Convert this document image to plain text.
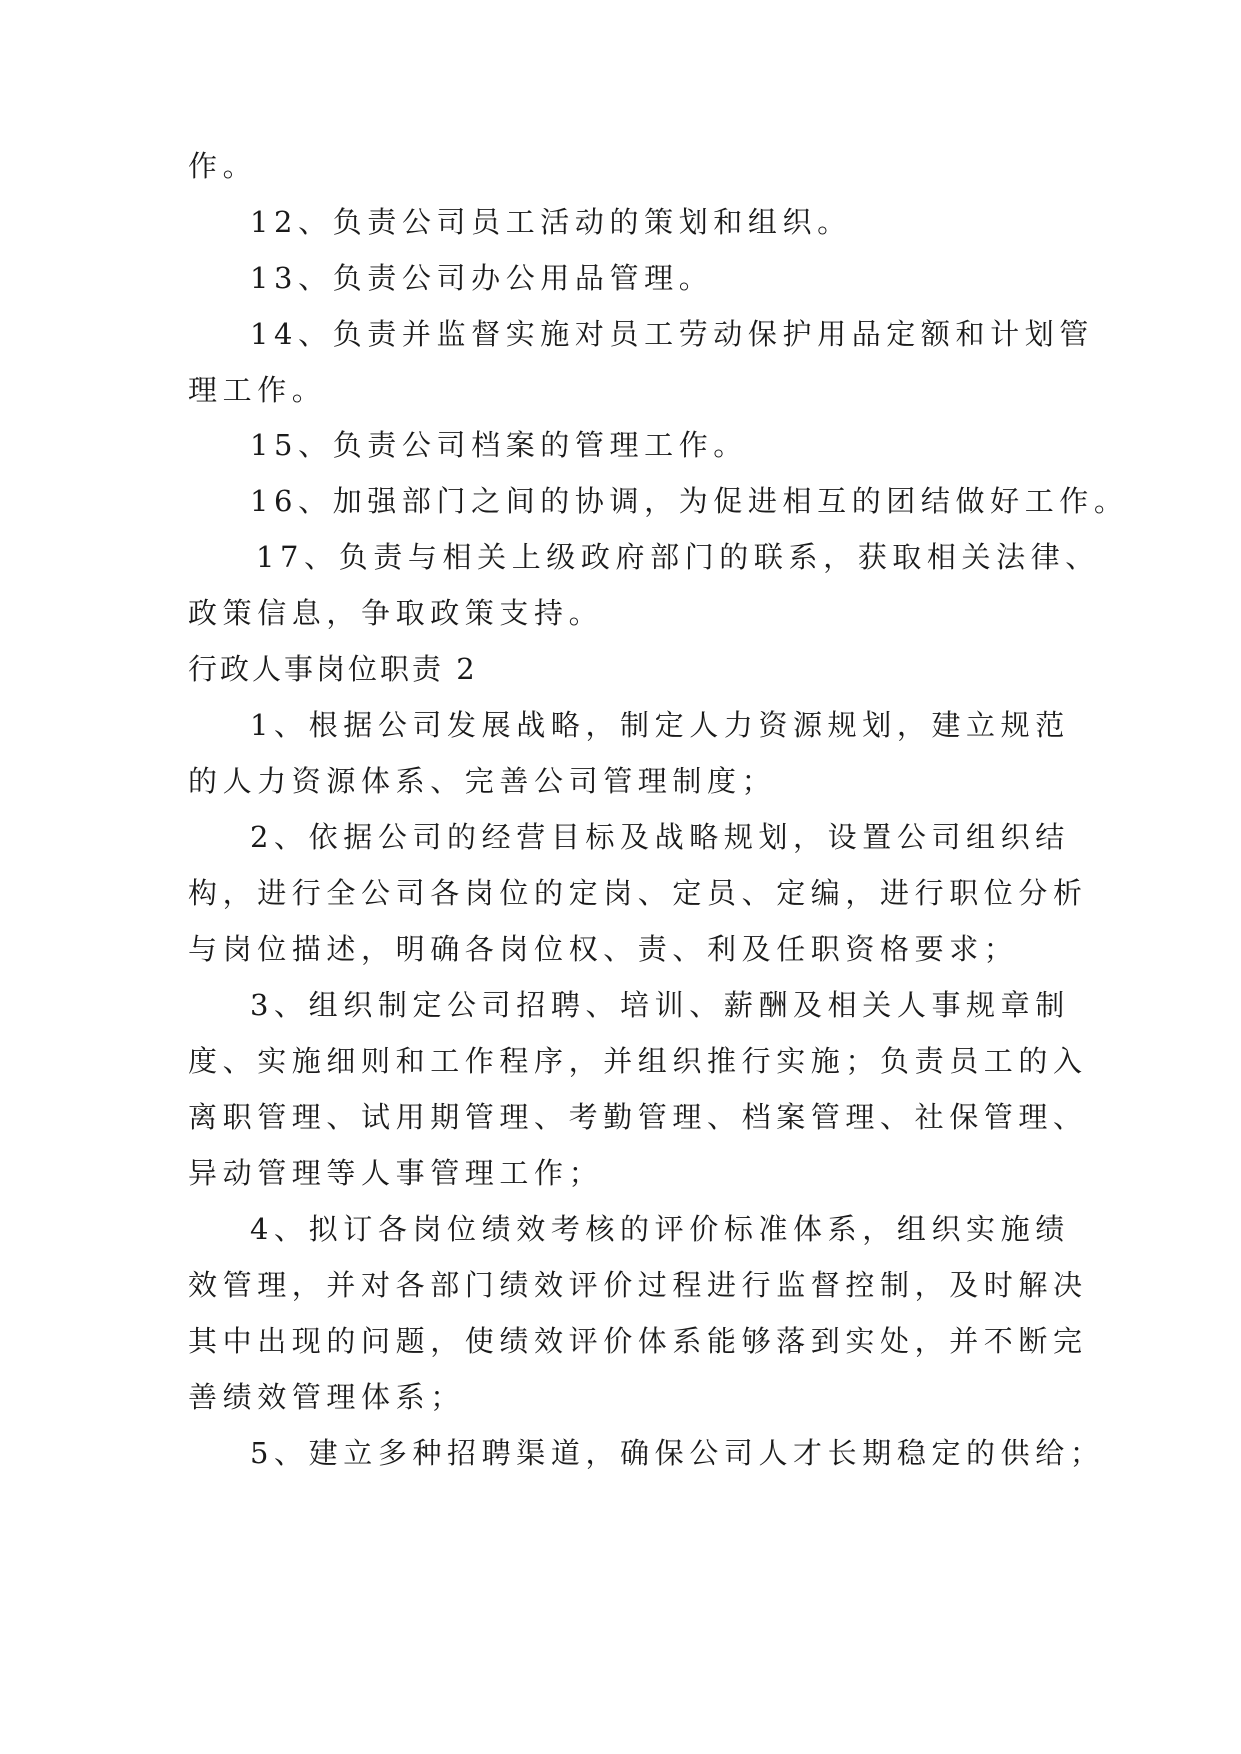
作。
12、负责公司员工活动的策划和组织。
13、负责公司办公用品管理。
14、负责并监督实施对员工劳动保护用品定额和计划管
理工作。
15、负责公司档案的管理工作。
16、加强部门之间的协调，为促进相互的团结做好工作。
17、负责与相关上级政府部门的联系，获取相关法律、
政策信息，争取政策支持。
行政人事岗位职责 2
1、根据公司发展战略，制定人力资源规划，建立规范
的人力资源体系、完善公司管理制度；
2、依据公司的经营目标及战略规划，设置公司组织结
构，进行全公司各岗位的定岗、定员、定编，进行职位分析
与岗位描述，明确各岗位权、责、利及任职资格要求；
3、组织制定公司招聘、培训、薪酬及相关人事规章制
度、实施细则和工作程序，并组织推行实施；负责员工的入
离职管理、试用期管理、考勤管理、档案管理、社保管理、
异动管理等人事管理工作；
4、拟订各岗位绩效考核的评价标准体系，组织实施绩
效管理，并对各部门绩效评价过程进行监督控制，及时解决
其中出现的问题，使绩效评价体系能够落到实处，并不断完
善绩效管理体系；
5、建立多种招聘渠道，确保公司人才长期稳定的供给；
